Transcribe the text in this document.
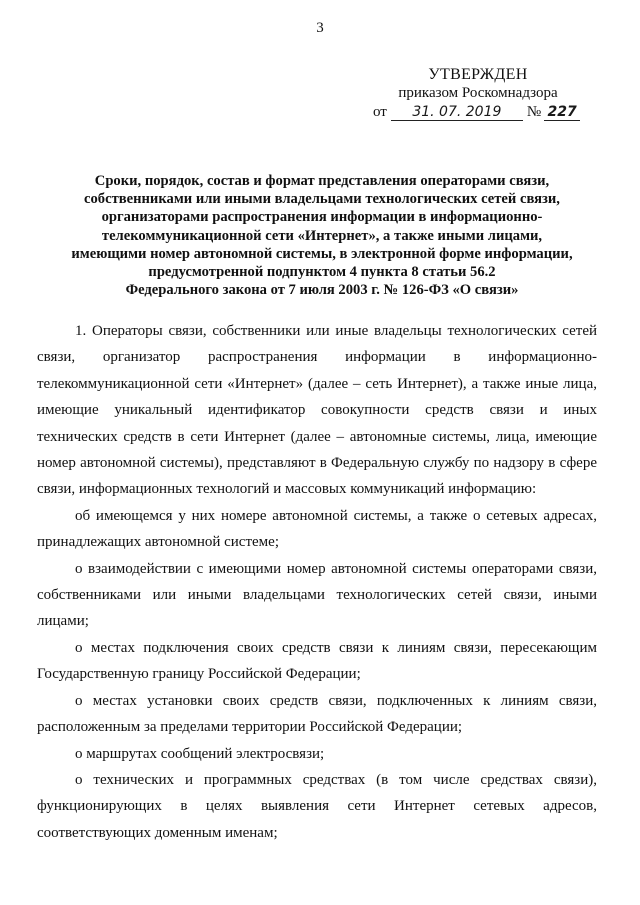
3
УТВЕРЖДЕН
приказом Роскомнадзора
от	31. 07. 2019	№ 227
Сроки, порядок, состав и формат представления операторами связи,
собственниками или иными владельцами технологических сетей связи,
организаторами распространения информации в информационно-
телекоммуникационной сети «Интернет», а также иными лицами,
имеющими номер автономной системы, в электронной форме информации,
предусмотренной подпунктом 4 пункта 8 статьи 56.2
Федерального закона от 7 июля 2003 г. № 126-ФЗ «О связи»

1. Операторы связи, собственники или иные владельцы технологических сетей связи, организатор распространения информации в информационно-телекоммуникационной сети «Интернет» (далее – сеть Интернет), а также иные лица, имеющие уникальный идентификатор совокупности средств связи и иных технических средств в сети Интернет (далее – автономные системы, лица, имеющие номер автономной системы), представляют в Федеральную службу по надзору в сфере связи, информационных технологий и массовых коммуникаций информацию:

об имеющемся у них номере автономной системы, а также о сетевых адресах, принадлежащих автономной системе;

о взаимодействии с имеющими номер автономной системы операторами связи, собственниками или иными владельцами технологических сетей связи, иными лицами;

о местах подключения своих средств связи к линиям связи, пересекающим Государственную границу Российской Федерации;

о местах установки своих средств связи, подключенных к линиям связи, расположенным за пределами территории Российской Федерации;

о маршрутах сообщений электросвязи;

о технических и программных средствах (в том числе средствах связи), функционирующих в целях выявления сети Интернет сетевых адресов, соответствующих доменным именам;
